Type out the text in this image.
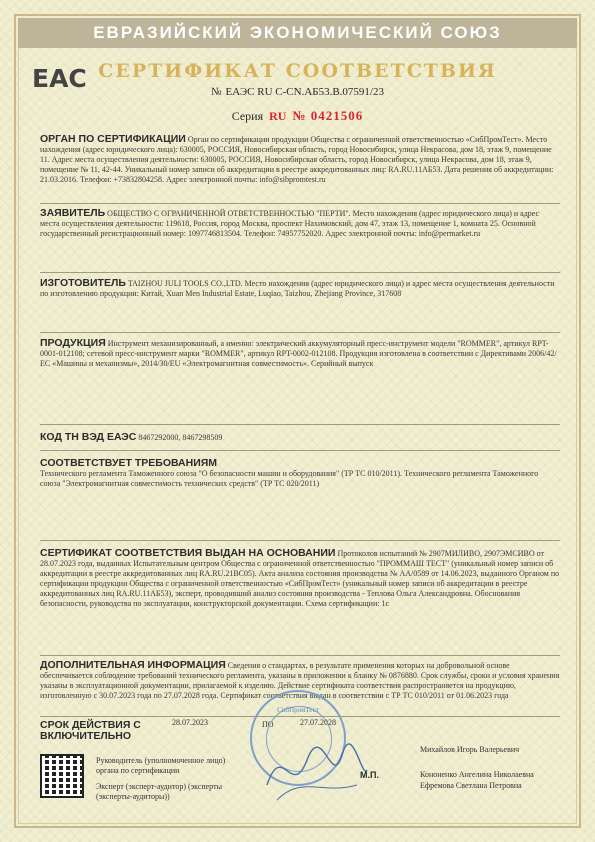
ЕВРАЗИЙСКИЙ ЭКОНОМИЧЕСКИЙ СОЮЗ
EAC СЕРТИФИКАТ СООТВЕТСТВИЯ
№ ЕАЭС RU С-CN.АБ53.В.07591/23
Серия RU № 0421506
ОРГАН ПО СЕРТИФИКАЦИИ Орган по сертификации продукции Общества с ограниченной ответственностью «СибПромТест». Место нахождения (адрес юридического лица): 630005, РОССИЯ, Новосибирская область, город Новосибирск, улица Некрасова, дом 18, этаж 9, помещение 11. Адрес места осуществления деятельности: 630005, РОССИЯ, Новосибирская область, город Новосибирск, улица Некрасова, дом 18, этаж 9, помещение № 11, 42-44. Уникальный номер записи об аккредитации в реестре аккредитованных лиц: RA.RU.11АБ53. Дата решения об аккредитации: 21.03.2016. Телефон: +73832804258. Адрес электронной почты: info@sibpromtest.ru
ЗАЯВИТЕЛЬ ОБЩЕСТВО С ОГРАНИЧЕННОЙ ОТВЕТСТВЕННОСТЬЮ "ПЕРТИ". Место нахождения (адрес юридического лица) и адрес места осуществления деятельности: 119618, Россия, город Москва, проспект Нахимовский, дом 47, этаж 13, помещение 1, комната 25. Основной государственный регистрационный номер: 1097746813504. Телефон: 74957752020. Адрес электронной почты: info@permarket.ru
ИЗГОТОВИТЕЛЬ TAIZHOU JULI TOOLS CO.,LTD. Место нахождения (адрес юридического лица) и адрес места осуществления деятельности по изготовлению продукции: Китай, Xuan Men Industrial Estate, Luqiao, Taizhou, Zhejiang Province, 317608
ПРОДУКЦИЯ Инструмент механизированный, а именно: электрический аккумуляторный пресс-инструмент модели "ROMMER", артикул RPT-0001-012108; сетевой пресс-инструмент марки "ROMMER", артикул RPT-0002-012108. Продукция изготовлена в соответствии с Директивами 2006/42/ЕС «Машины и механизмы», 2014/30/EU «Электромагнитная совместимость». Серийный выпуск
КОД ТН ВЭД ЕАЭС 8467292000, 8467298509
СООТВЕТСТВУЕТ ТРЕБОВАНИЯМ
Технического регламента Таможенного союза "О безопасности машин и оборудования" (ТР ТС 010/2011). Технического регламента Таможенного союза "Электромагнитная совместимость технических средств" (ТР ТС 020/2011)
СЕРТИФИКАТ СООТВЕТСТВИЯ ВЫДАН НА ОСНОВАНИИ Протоколов испытаний № 2907МИЛИВО, 2907ЭМСИВО от 28.07.2023 года, выданных Испытательным центром Общества с ограниченной ответственностью "ПРОММАШ ТЕСТ" (уникальный номер записи об аккредитации в реестре аккредитованных лиц RA.RU.21ВС05). Акта анализа состояния производства № АА/0589 от 14.06.2023, выданного Органом по сертификации продукции Общества с ограниченной ответственностью «СибПромТест» (уникальный номер записи об аккредитации в реестре аккредитованных лиц RA.RU.11АБ53), эксперт, проводивший анализ состояния производства - Теплова Ольга Александровна. Обоснования безопасности, руководства по эксплуатации, конструкторской документации. Схема сертификации: 1с
ДОПОЛНИТЕЛЬНАЯ ИНФОРМАЦИЯ Сведения о стандартах, в результате применения которых на добровольной основе обеспечивается соблюдение требований технического регламента, указаны в приложении к бланку № 0876880. Срок службы, сроки и условия хранения указаны в эксплуатационной документации, прилагаемой к изделию. Действие сертификата соответствия распространяется на продукцию, изготовленную с 30.07.2023 года по 27.07.2028 года. Сертификат соответствия выдан в соответствии с ТР ТС 010/2011 от 01.06.2023 года
СРОК ДЕЙСТВИЯ С
ВКЛЮЧИТЕЛЬНО
28.07.2023	ПО	27.07.2028
Руководитель (уполномоченное лицо) органа по сертификации
Эксперт (эксперт-аудитор) (эксперты (эксперты-аудиторы))
СибПромТест
М.П.
Михайлов Игорь Валерьевич
Кононенко Ангелина Николаевна
Ефремова Светлана Петровна
